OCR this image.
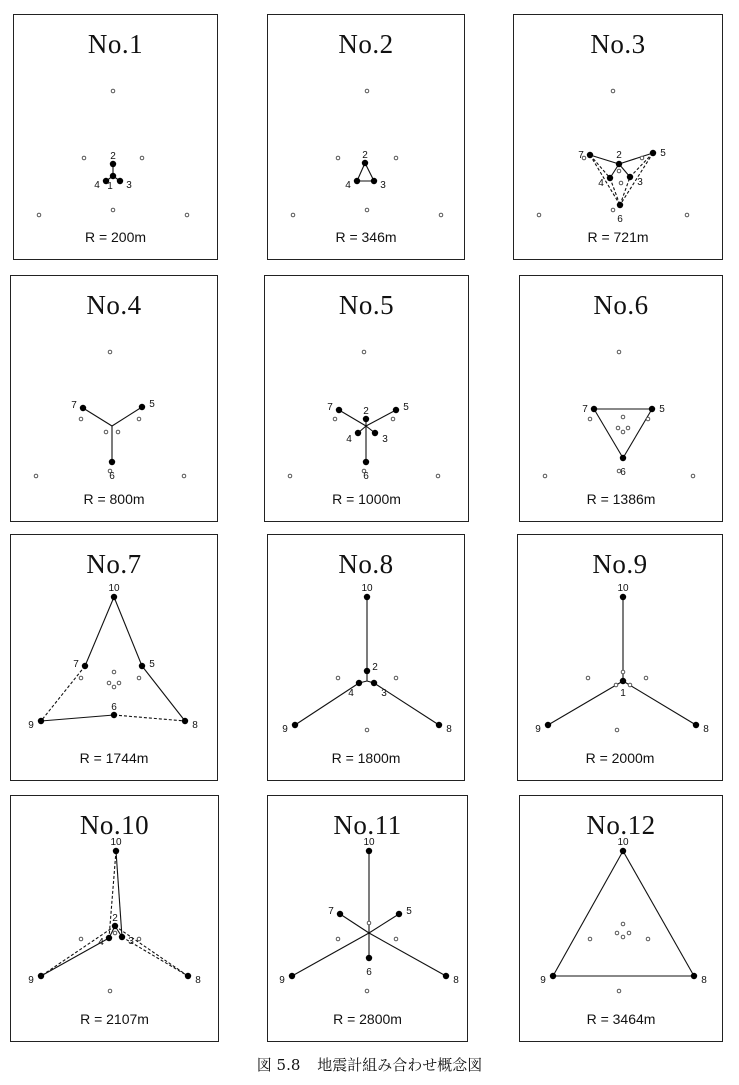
2
4 1 3
No.1
R = 200m
2
4	3
No.2
R = 346m
7	2	5
4	3
6
No.3
R = 721m
7	5
6
No.4
R = 800m
7	2	5
4	3
6
No.5
R = 1000m
7	5
6
No.6
R = 1386m
10
7	5
9
6
8
No.7
R = 1744m
10
2
4	3
9	8
No.8
R = 1800m
10
1
9	8
No.9
R = 2000m
10
2
4 3
9	8
No.10
R = 2107m
10
7	5
6
9	8
No.11
R = 2800m
10
9	8
No.12
R = 3464m
図 5.8 地震計組み合わせ概念図
